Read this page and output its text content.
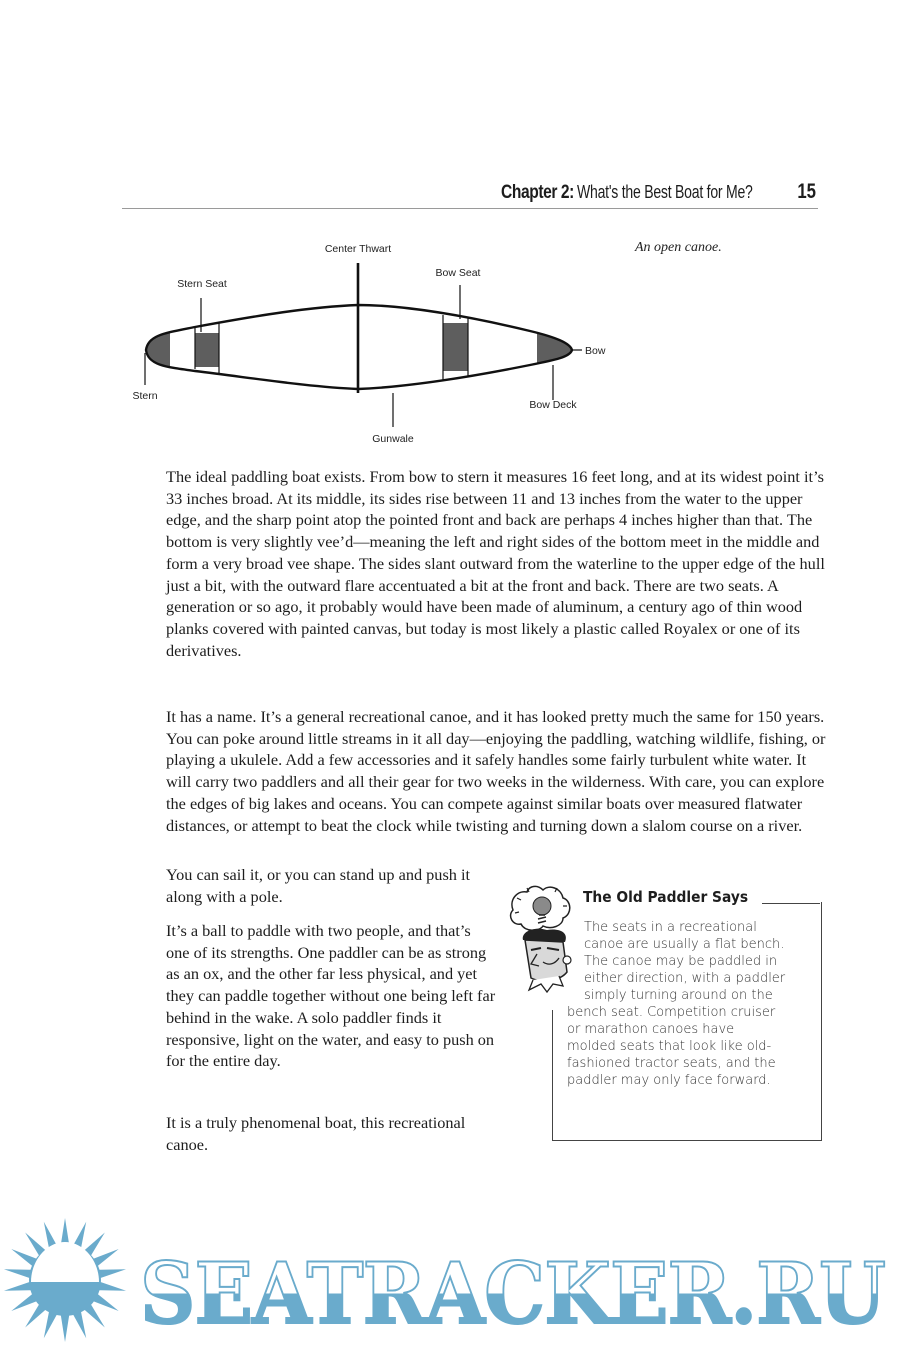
Chapter 2: What's the Best Boat for Me? 15
An open canoe.
Center Thwart
Stern Seat
Bow Seat
Bow
Stern
Bow Deck
Gunwale

The ideal paddling boat exists. From bow to stern it measures 16 feet long, and at its widest point it’s 33 inches broad. At its middle, its sides rise between 11 and 13 inches from the water to the upper edge, and the sharp point atop the pointed front and back are perhaps 4 inches higher than that. The bottom is very slightly vee’d—meaning the left and right sides of the bottom meet in the middle and form a very broad vee shape. The sides slant outward from the waterline to the upper edge of the hull just a bit, with the outward flare accentuated a bit at the front and back. There are two seats. A generation or so ago, it probably would have been made of aluminum, a century ago of thin wood planks covered with painted canvas, but today is most likely a plastic called Royalex or one of its derivatives.

It has a name. It’s a general recreational canoe, and it has looked pretty much the same for 150 years. You can poke around little streams in it all day—enjoying the paddling, watching wildlife, fishing, or playing a ukulele. Add a few accessories and it safely handles some fairly turbulent white water. It will carry two paddlers and all their gear for two weeks in the wilderness. With care, you can explore the edges of big lakes and oceans. You can compete against similar boats over measured flatwater distances, or attempt to beat the clock while twisting and turning down a slalom course on a river.

You can sail it, or you can stand up and push it along with a pole.

It’s a ball to paddle with two people, and that’s one of its strengths. One paddler can be as strong as an ox, and the other far less physical, and yet they can paddle together without one being left far behind in the wake. A solo paddler finds it responsive, light on the water, and easy to push on for the entire day.

It is a truly phenomenal boat, this recreational canoe.

The Old Paddler Says
The seats in a recreational
canoe are usually a flat bench.
The canoe may be paddled in
either direction, with a paddler
simply turning around on the
bench seat. Competition cruiser
or marathon canoes have
molded seats that look like old-
fashioned tractor seats, and the
paddler may only face forward.
SEATRACKER.RU
